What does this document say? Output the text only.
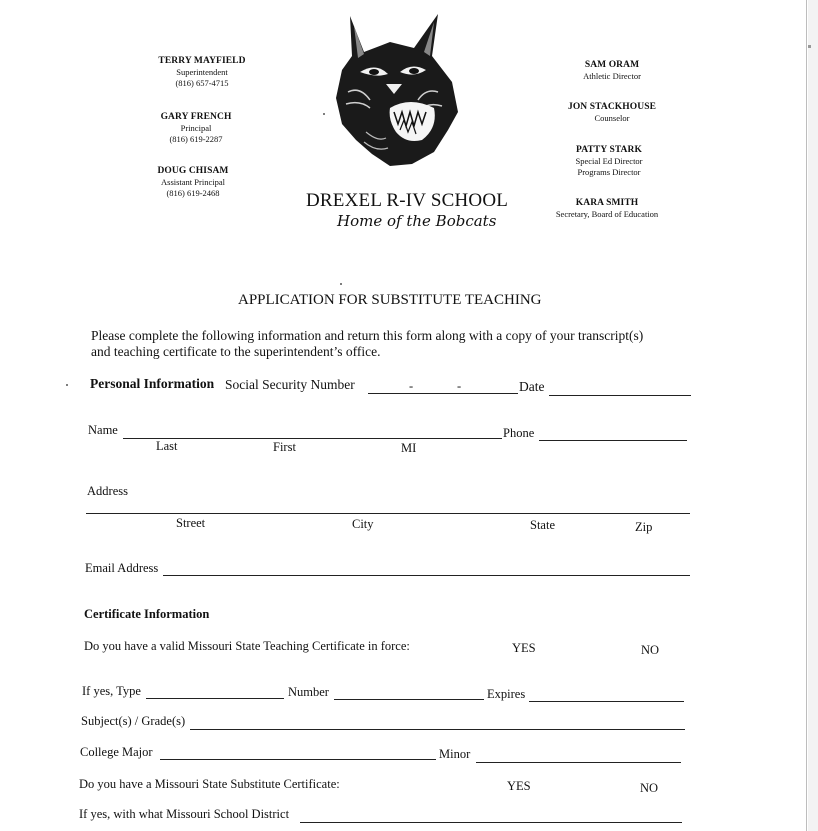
TERRY MAYFIELD
Superintendent
(816) 657-4715
GARY FRENCH
Principal
(816) 619-2287
DOUG CHISAM
Assistant Principal
(816) 619-2468
SAM ORAM
Athletic Director
JON STACKHOUSE
Counselor
PATTY STARK
Special Ed Director
Programs Director
KARA SMITH
Secretary, Board of Education
DREXEL R-IV SCHOOL
Home of the Bobcats
APPLICATION FOR SUBSTITUTE TEACHING
Please complete the following information and return this form along with a copy of your transcript(s)
and teaching certificate to the superintendent’s office.
Personal Information Social Security Number	-	-	Date
Name
Last	First	MI
Phone
Address
Street	City	State	Zip
Email Address
Certificate Information
Do you have a valid Missouri State Teaching Certificate in force:	YES	NO
If yes, Type	Number	Expires
Subject(s) / Grade(s)
College Major	Minor
Do you have a Missouri State Substitute Certificate:	YES	NO
If yes, with what Missouri School District
